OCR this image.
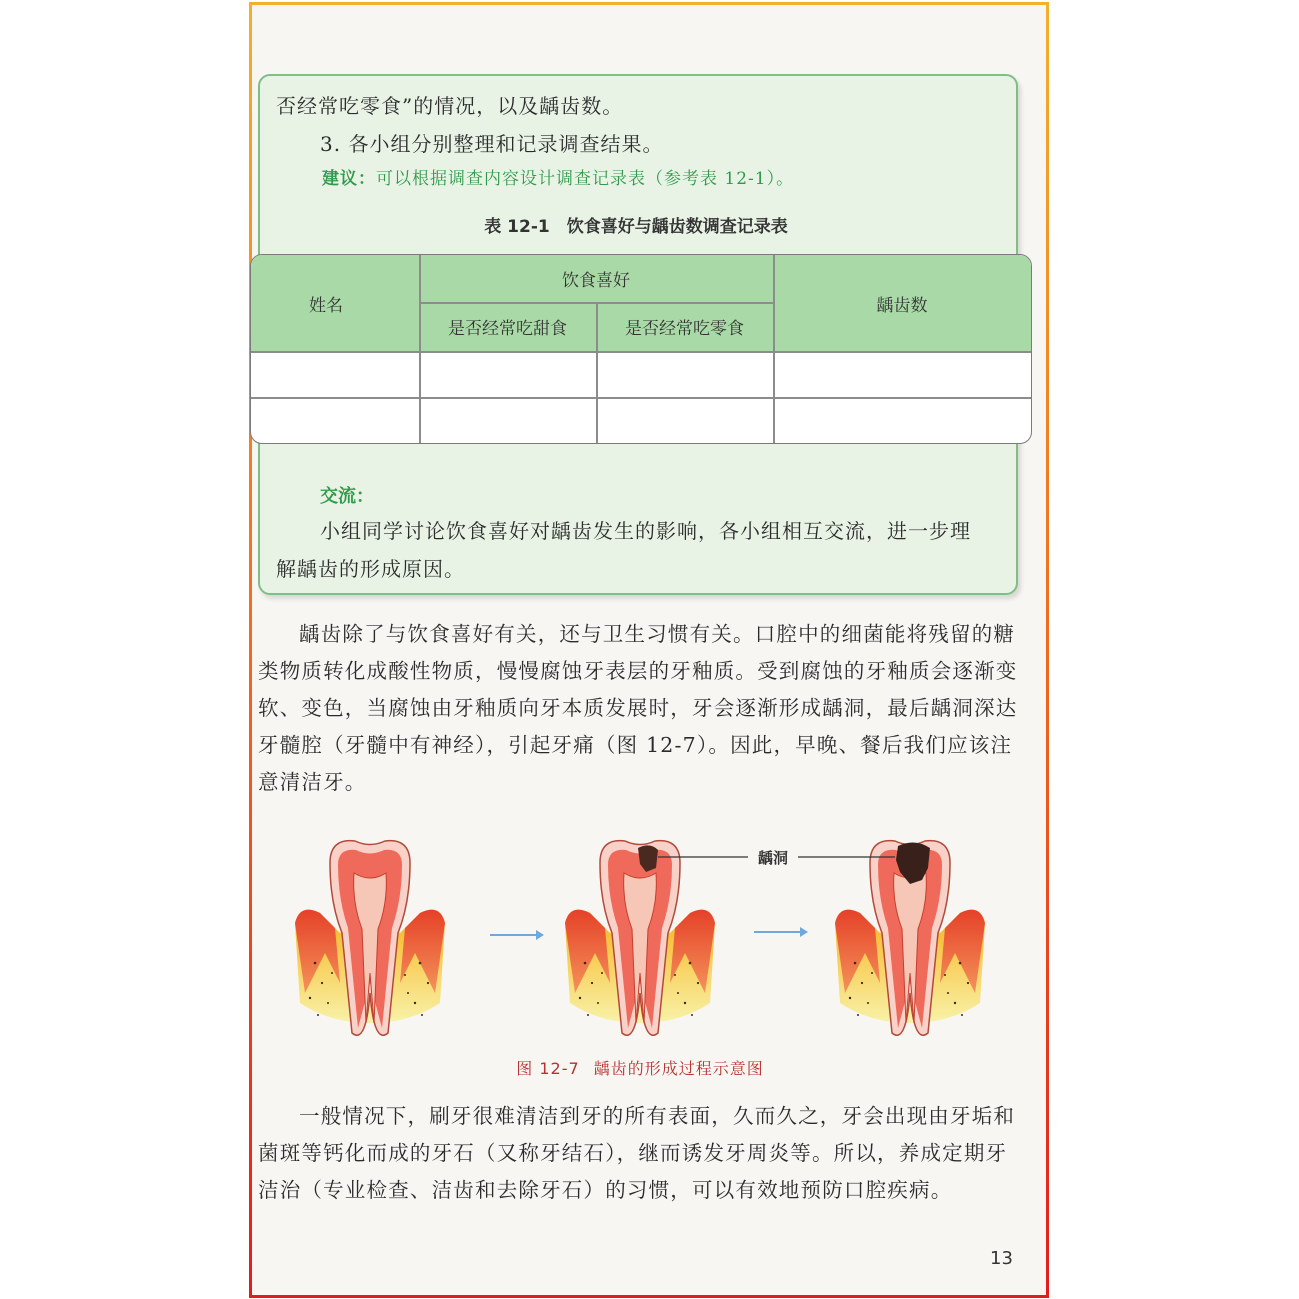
否经常吃零食”的情况，以及龋齿数。
3. 各小组分别整理和记录调查结果。
建议：可以根据调查内容设计调查记录表（参考表 12-1）。
表 12-1　饮食喜好与龋齿数调查记录表
姓名
饮食喜好
是否经常吃甜食	是否经常吃零食
龋齿数
交流：
小组同学讨论饮食喜好对龋齿发生的影响，各小组相互交流，进一步理
解龋齿的形成原因。

龋齿除了与饮食喜好有关，还与卫生习惯有关。口腔中的细菌能将残留的糖类物质转化成酸性物质，慢慢腐蚀牙表层的牙釉质。受到腐蚀的牙釉质会逐渐变软、变色，当腐蚀由牙釉质向牙本质发展时，牙会逐渐形成龋洞，最后龋洞深达牙髓腔（牙髓中有神经），引起牙痛（图 12-7）。因此，早晚、餐后我们应该注意清洁牙。

龋洞
图 12-7 龋齿的形成过程示意图

一般情况下，刷牙很难清洁到牙的所有表面，久而久之，牙会出现由牙垢和菌斑等钙化而成的牙石（又称牙结石），继而诱发牙周炎等。所以，养成定期牙洁治（专业检查、洁齿和去除牙石）的习惯，可以有效地预防口腔疾病。

13
